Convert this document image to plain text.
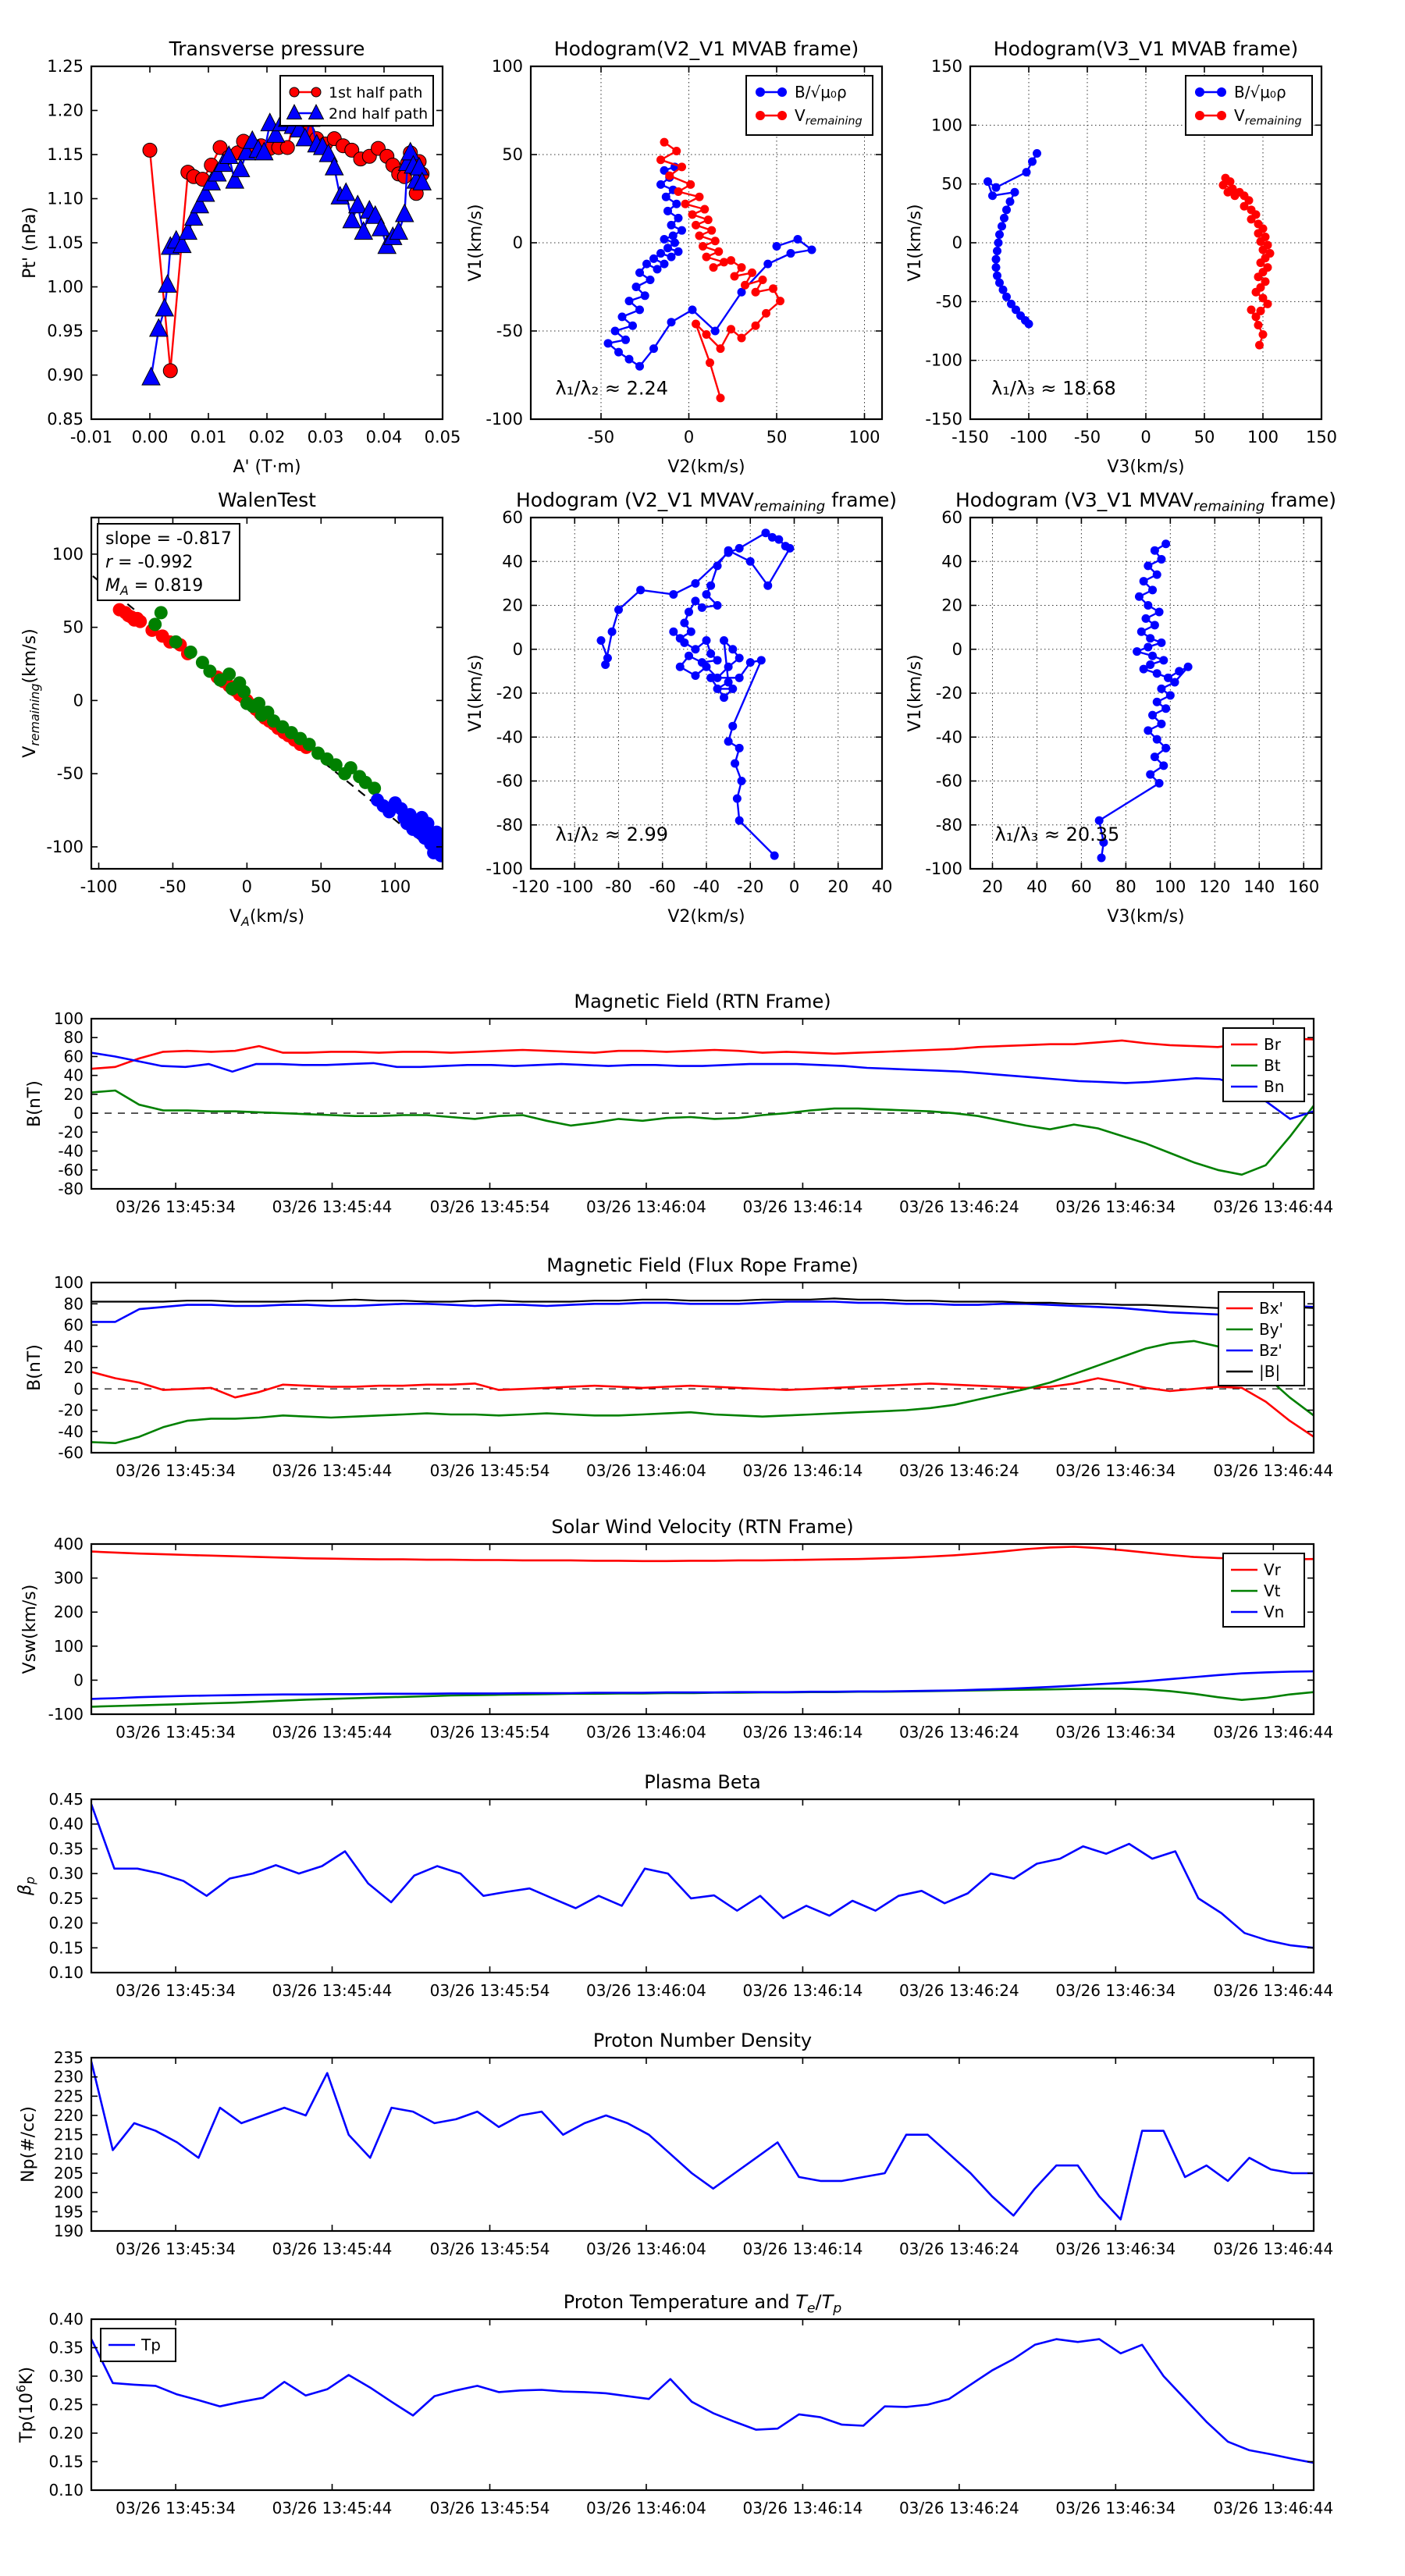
-0.01 0.00 0.01 0.02 0.03 0.04 0.05
0.85
0.90
0.95
1.00
1.05
1.10
1.15
1.20
1.25
Transverse pressure
A' (T·m)
Pt' (nPa)
1st half path
2nd half path
-50	0	50	100
-100
-50
0
50
100
Hodogram(V2_V1 MVAB frame)
V2(km/s)
V1(km/s)
λ₁/λ₂ ≈ 2.24
B/√μ₀ρ
$V_{remaining}$
-150 -100 -50 0	50 100 150
-150
-100
-50
0
50
100
150
Hodogram(V3_V1 MVAB frame)
V3(km/s)
V1(km/s)
λ₁/λ₃ ≈ 18.68
B/√μ₀ρ
$V_{remaining}$
-100	-50	0	50	100
-100
-50
0
50
100
WalenTest
$V_A(km/s)$
$V_{remaining}(km/s)$
slope = -0.817
r = -0.992
$M_A = 0.819$
-120 -100 -80 -60 -40 -20 0 20 40
-100
-80
-60
-40
-20
0
20
40
60
Hodogram (V2_V1 $MVAV_{remaining}$ frame)
V2(km/s)
V1(km/s)
λ₁/λ₂ ≈ 2.99
20 40 60 80 100 120 140 160
-100
-80
-60
-40
-20
0
20
40
60
Hodogram (V3_V1 $MVAV_{remaining}$ frame)
V3(km/s)
V1(km/s)
λ₁/λ₃ ≈ 20.35
03/26 13:45:34 03/26 13:45:44 03/26 13:45:54 03/26 13:46:04 03/26 13:46:14 03/26 13:46:24 03/26 13:46:34 03/26 13:46:44
-80
-60
-40
-20
0
20
40
60
80
100
Magnetic Field (RTN Frame)
B(nT)
Br
Bt
Bn
03/26 13:45:34 03/26 13:45:44 03/26 13:45:54 03/26 13:46:04 03/26 13:46:14 03/26 13:46:24 03/26 13:46:34 03/26 13:46:44
-60
-40
-20
0
20
40
60
80
100
Magnetic Field (Flux Rope Frame)
B(nT)
Bx'
By'
Bz'
|B|
03/26 13:45:34 03/26 13:45:44 03/26 13:45:54 03/26 13:46:04 03/26 13:46:14 03/26 13:46:24 03/26 13:46:34 03/26 13:46:44
-100
0
100
200
300
400
Solar Wind Velocity (RTN Frame)
Vsw(km/s)
Vr
Vt
Vn
03/26 13:45:34 03/26 13:45:44 03/26 13:45:54 03/26 13:46:04 03/26 13:46:14 03/26 13:46:24 03/26 13:46:34 03/26 13:46:44
0.10
0.15
0.20
0.25
0.30
0.35
0.40
0.45
Plasma Beta
$\beta_p$
03/26 13:45:34 03/26 13:45:44 03/26 13:45:54 03/26 13:46:04 03/26 13:46:14 03/26 13:46:24 03/26 13:46:34 03/26 13:46:44
190
195
200
205
210
215
220
225
230
235
Proton Number Density
Np(#/cc)
03/26 13:45:34 03/26 13:45:44 03/26 13:45:54 03/26 13:46:04 03/26 13:46:14 03/26 13:46:24 03/26 13:46:34 03/26 13:46:44
0.10
0.15
0.20
0.25
0.30
0.35
0.40
Proton Temperature and $T_e/T_p$
$Tp(10^6K)$
Tp
